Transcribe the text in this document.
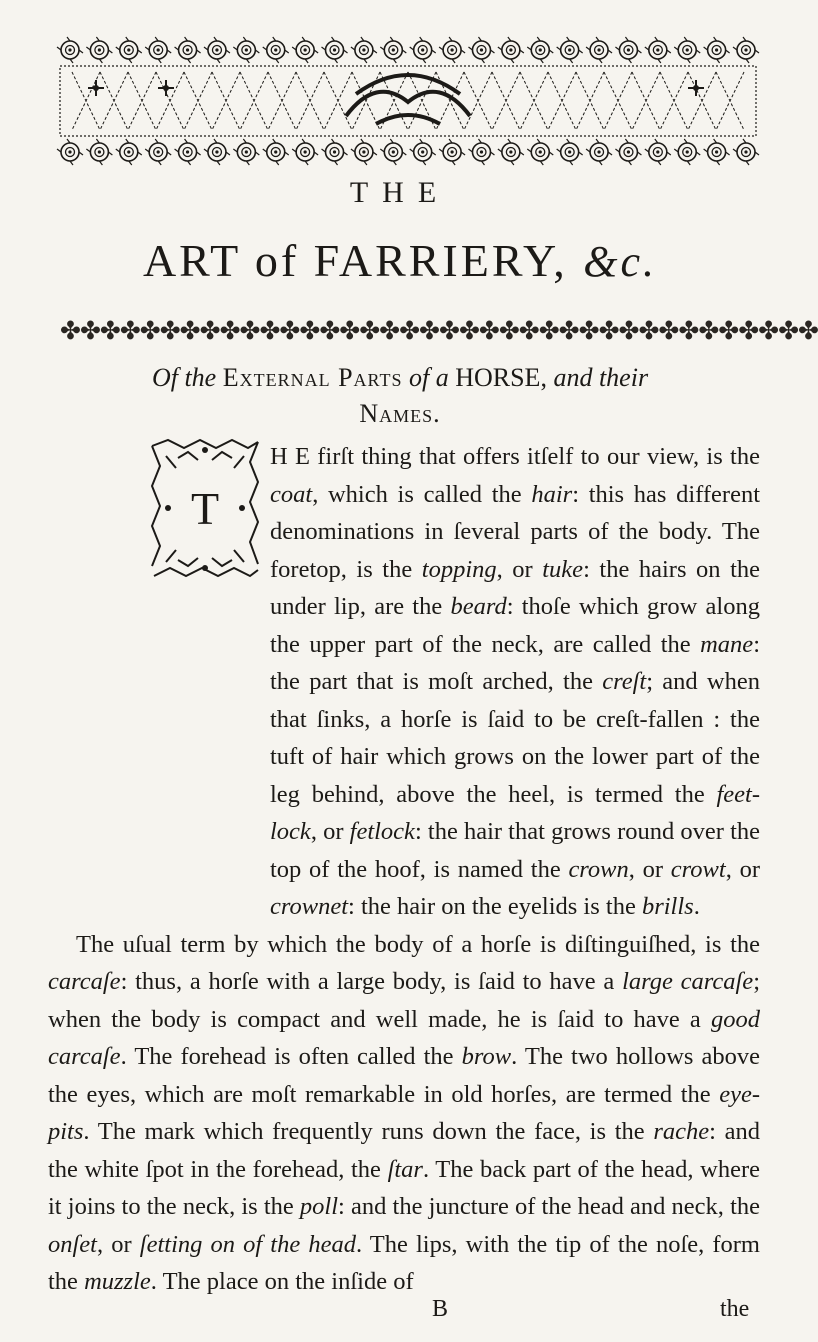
THE
ART of FARRIERY, &c.
✤✤✤✤✤✤✤✤✤✤✤✤✤✤✤✤✤✤✤✤✤✤✤✤✤✤✤✤✤✤✤✤✤✤✤✤✤✤
Of the External Parts of a HORSE, and their
Names.
T

H E firſt thing that offers itſelf to our view, is the coat, which is called the hair: this has different denominations in ſeveral parts of the body. The foretop, is the topping, or tuke: the hairs on the under lip, are the beard: thoſe which grow along the upper part of the neck, are called the mane: the part that is moſt arched, the creſt; and when that ſinks, a horſe is ſaid to be creſt-fallen : the tuft of hair which grows on the lower part of the leg behind, above the heel, is termed the feet-lock, or fetlock: the hair that grows round over the top of the hoof, is named the crown, or crowt, or crownet: the hair on the eyelids is the brills.

The uſual term by which the body of a horſe is diſtinguiſhed, is the carcaſe: thus, a horſe with a large body, is ſaid to have a large carcaſe; when the body is compact and well made, he is ſaid to have a good carcaſe. The forehead is often called the brow. The two hollows above the eyes, which are moſt remarkable in old horſes, are termed the eye-pits. The mark which frequently runs down the face, is the rache: and the white ſpot in the forehead, the ſtar. The back part of the head, where it joins to the neck, is the poll: and the juncture of the head and neck, the onſet, or ſetting on of the head. The lips, with the tip of the noſe, form the muzzle. The place on the inſide of

B	the
